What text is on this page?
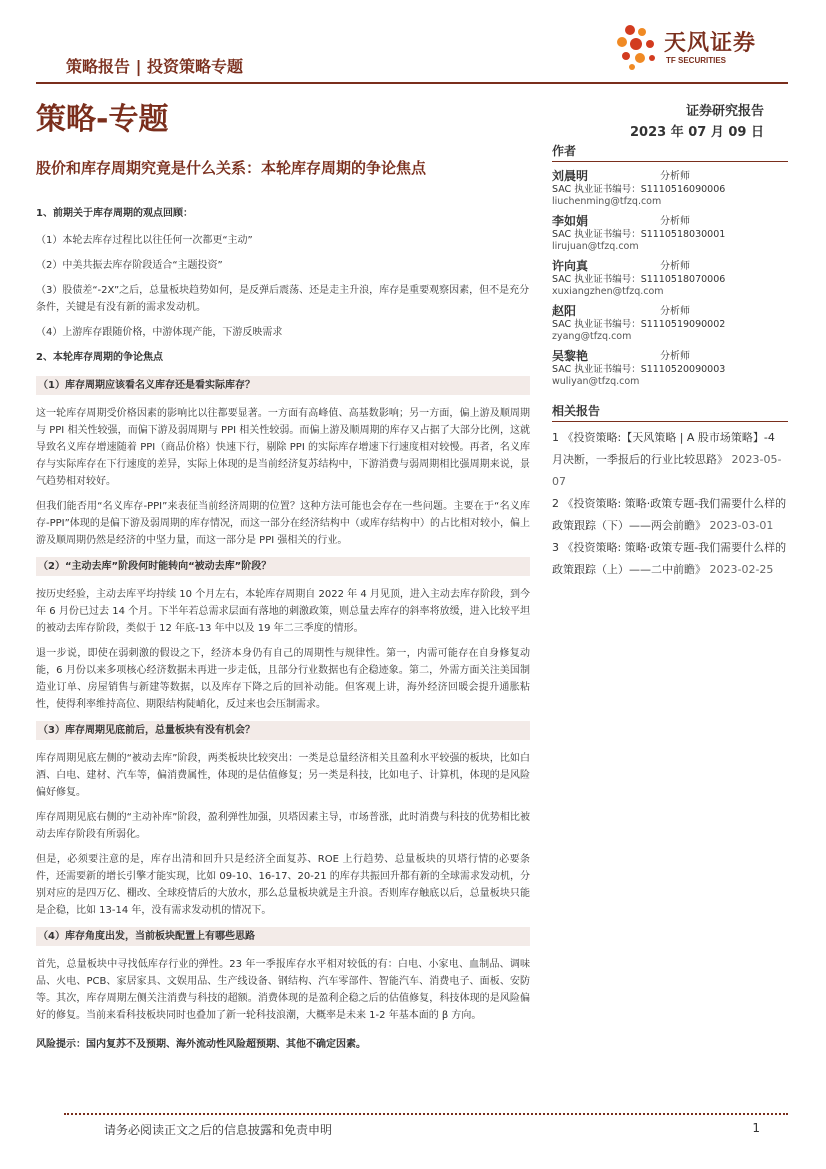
策略报告 | 投资策略专题
天风证券
TF SECURITIES
策略-专题	证券研究报告
2023 年 07 月 09 日
股价和库存周期究竟是什么关系：本轮库存周期的争论焦点
1、前期关于库存周期的观点回顾：
（1）本轮去库存过程比以往任何一次都更“主动”
（2）中美共振去库存阶段适合“主题投资”
（3）股债差“-2X”之后，总量板块趋势如何，是反弹后震荡、还是走主升浪，库存是重要观察因素，但不是充分条件，关键是有没有新的需求发动机。
（4）上游库存跟随价格，中游体现产能，下游反映需求
2、本轮库存周期的争论焦点
（1）库存周期应该看名义库存还是看实际库存？

这一轮库存周期受价格因素的影响比以往都要显著。一方面有高峰值、高基数影响；另一方面，偏上游及顺周期与 PPI 相关性较强，而偏下游及弱周期与 PPI 相关性较弱。而偏上游及顺周期的库存又占据了大部分比例，这就导致名义库存增速随着 PPI（商品价格）快速下行，剔除 PPI 的实际库存增速下行速度相对较慢。再者，名义库存与实际库存在下行速度的差异，实际上体现的是当前经济复苏结构中，下游消费与弱周期相比强周期来说，景气趋势相对较好。

但我们能否用“名义库存-PPI”来表征当前经济周期的位置？这种方法可能也会存在一些问题。主要在于“名义库存-PPI”体现的是偏下游及弱周期的库存情况，而这一部分在经济结构中（或库存结构中）的占比相对较小，偏上游及顺周期仍然是经济的中坚力量，而这一部分是 PPI 强相关的行业。

（2）“主动去库”阶段何时能转向“被动去库”阶段？

按历史经验，主动去库平均持续 10 个月左右，本轮库存周期自 2022 年 4 月见顶，进入主动去库存阶段，到今年 6 月份已过去 14 个月。下半年若总需求层面有落地的刺激政策，则总量去库存的斜率将放缓，进入比较平坦的被动去库存阶段，类似于 12 年底-13 年中以及 19 年二三季度的情形。

退一步说，即使在弱刺激的假设之下，经济本身仍有自己的周期性与规律性。第一，内需可能存在自身修复动能，6 月份以来多项核心经济数据未再进一步走低，且部分行业数据也有企稳迹象。第二，外需方面关注美国制造业订单、房屋销售与新建等数据，以及库存下降之后的回补动能。但客观上讲，海外经济回暖会提升通胀粘性，使得利率维持高位、期限结构陡峭化，反过来也会压制需求。

（3）库存周期见底前后，总量板块有没有机会？

库存周期见底左侧的“被动去库”阶段，两类板块比较突出：一类是总量经济相关且盈利水平较强的板块，比如白酒、白电、建材、汽车等，偏消费属性，体现的是估值修复；另一类是科技，比如电子、计算机，体现的是风险偏好修复。

库存周期见底右侧的“主动补库”阶段，盈利弹性加强，贝塔因素主导，市场普涨，此时消费与科技的优势相比被动去库存阶段有所弱化。

但是，必须要注意的是，库存出清和回升只是经济全面复苏、ROE 上行趋势、总量板块的贝塔行情的必要条件，还需要新的增长引擎才能实现，比如 09-10、16-17、20-21 的库存共振回升都有新的全球需求发动机，分别对应的是四万亿、棚改、全球疫情后的大放水，那么总量板块就是主升浪。否则库存触底以后，总量板块只能是企稳，比如 13-14 年，没有需求发动机的情况下。

（4）库存角度出发，当前板块配置上有哪些思路

首先，总量板块中寻找低库存行业的弹性。23 年一季报库存水平相对较低的有：白电、小家电、血制品、调味品、火电、PCB、家居家具、文娱用品、生产线设备、钢结构、汽车零部件、智能汽车、消费电子、面板、安防等。其次，库存周期左侧关注消费与科技的超额。消费体现的是盈利企稳之后的估值修复，科技体现的是风险偏好的修复。当前来看科技板块同时也叠加了新一轮科技浪潮，大概率是未来 1-2 年基本面的 β 方向。

风险提示：国内复苏不及预期、海外流动性风险超预期、其他不确定因素。
作者
刘晨明	分析师
SAC 执业证书编号：S1110516090006
liuchenming@tfzq.com
李如娟	分析师
SAC 执业证书编号：S1110518030001
lirujuan@tfzq.com
许向真	分析师
SAC 执业证书编号：S1110518070006
xuxiangzhen@tfzq.com
赵阳	分析师
SAC 执业证书编号：S1110519090002
zyang@tfzq.com
吴黎艳	分析师
SAC 执业证书编号：S1110520090003
wuliyan@tfzq.com
相关报告
1 《投资策略:【天风策略 | A 股市场策略】-4 月决断，一季报后的行业比较思路》 2023-05-07
2 《投资策略: 策略·政策专题-我们需要什么样的政策跟踪（下）——两会前瞻》 2023-03-01
3 《投资策略: 策略·政策专题-我们需要什么样的政策跟踪（上）——二中前瞻》 2023-02-25
请务必阅读正文之后的信息披露和免责申明	1
